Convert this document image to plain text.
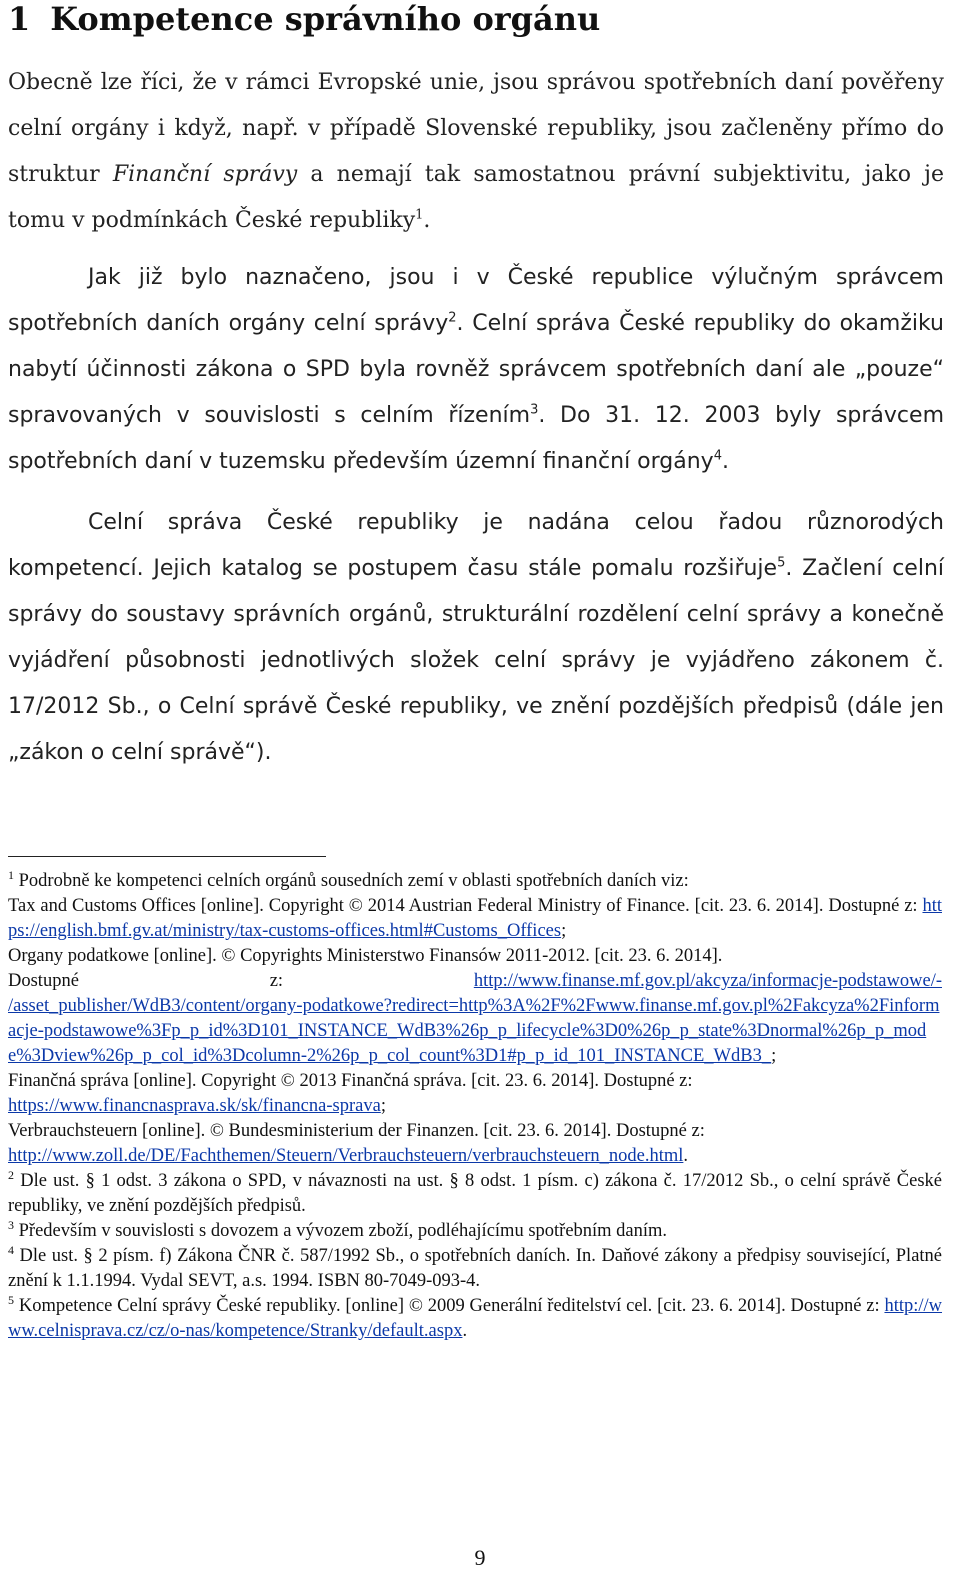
1 Kompetence správního orgánu

Obecně lze říci, že v rámci Evropské unie, jsou správou spotřebních daní pověřeny celní orgány i když, např. v případě Slovenské republiky, jsou začleněny přímo do struktur Finanční správy a nemají tak samostatnou právní subjektivitu, jako je tomu v podmínkách České republiky$^1$.

Jak již bylo naznačeno, jsou i v České republice výlučným správcem spotřebních daních orgány celní správy$^2$. Celní správa České republiky do okamžiku nabytí účinnosti zákona o SPD byla rovněž správcem spotřebních daní ale „pouze“ spravovaných v souvislosti s celním řízením$^3$. Do 31. 12. 2003 byly správcem spotřebních daní v tuzemsku především územní finanční orgány$^4$.

Celní správa České republiky je nadána celou řadou různorodých kompetencí. Jejich katalog se postupem času stále pomalu rozšiřuje$^5$. Začlení celní správy do soustavy správních orgánů, strukturální rozdělení celní správy a konečně vyjádření působnosti jednotlivých složek celní správy je vyjádřeno zákonem č. 17/2012 Sb., o Celní správě České republiky, ve znění pozdějších předpisů (dále jen „zákon o celní správě“).

$^1$ Podrobně ke kompetenci celních orgánů sousedních zemí v oblasti spotřebních daních viz:
Tax and Customs Offices [online]. Copyright © 2014 Austrian Federal Ministry of Finance. [cit. 23. 6. 2014]. Dostupné z: https://english.bmf.gv.at/ministry/tax-customs-offices.html#Customs_Offices;
Organy podatkowe [online]. © Copyrights Ministerstwo Finansów 2011-2012. [cit. 23. 6. 2014].
Dostupné	z:	http://www.finanse.mf.gov.pl/akcyza/informacje-podstawowe/-
/asset_publisher/WdB3/content/organy-podatkowe?redirect=http%3A%2F%2Fwww.finanse.mf.gov.pl%2Fakcyza%2Finformacje-podstawowe%3Fp_p_id%3D101_INSTANCE_WdB3%26p_p_lifecycle%3D0%26p_p_state%3Dnormal%26p_p_mode%3Dview%26p_p_col_id%3Dcolumn-2%26p_p_col_count%3D1#p_p_id_101_INSTANCE_WdB3_;
Finančná správa [online]. Copyright © 2013 Finančná správa. [cit. 23. 6. 2014]. Dostupné z:
https://www.financnasprava.sk/sk/financna-sprava;
Verbrauchsteuern [online]. © Bundesministerium der Finanzen. [cit. 23. 6. 2014]. Dostupné z:
http://www.zoll.de/DE/Fachthemen/Steuern/Verbrauchsteuern/verbrauchsteuern_node.html.

$^2$ Dle ust. § 1 odst. 3 zákona o SPD, v návaznosti na ust. § 8 odst. 1 písm. c) zákona č. 17/2012 Sb., o celní správě České republiky, ve znění pozdějších předpisů.

$^3$ Především v souvislosti s dovozem a vývozem zboží, podléhajícímu spotřebním daním.

$^4$ Dle ust. § 2 písm. f) Zákona ČNR č. 587/1992 Sb., o spotřebních daních. In. Daňové zákony a předpisy související, Platné znění k 1.1.1994. Vydal SEVT, a.s. 1994. ISBN 80-7049-093-4.

$^5$ Kompetence Celní správy České republiky. [online] © 2009 Generální ředitelství cel. [cit. 23. 6. 2014]. Dostupné z: http://www.celnisprava.cz/cz/o-nas/kompetence/Stranky/default.aspx.

9
